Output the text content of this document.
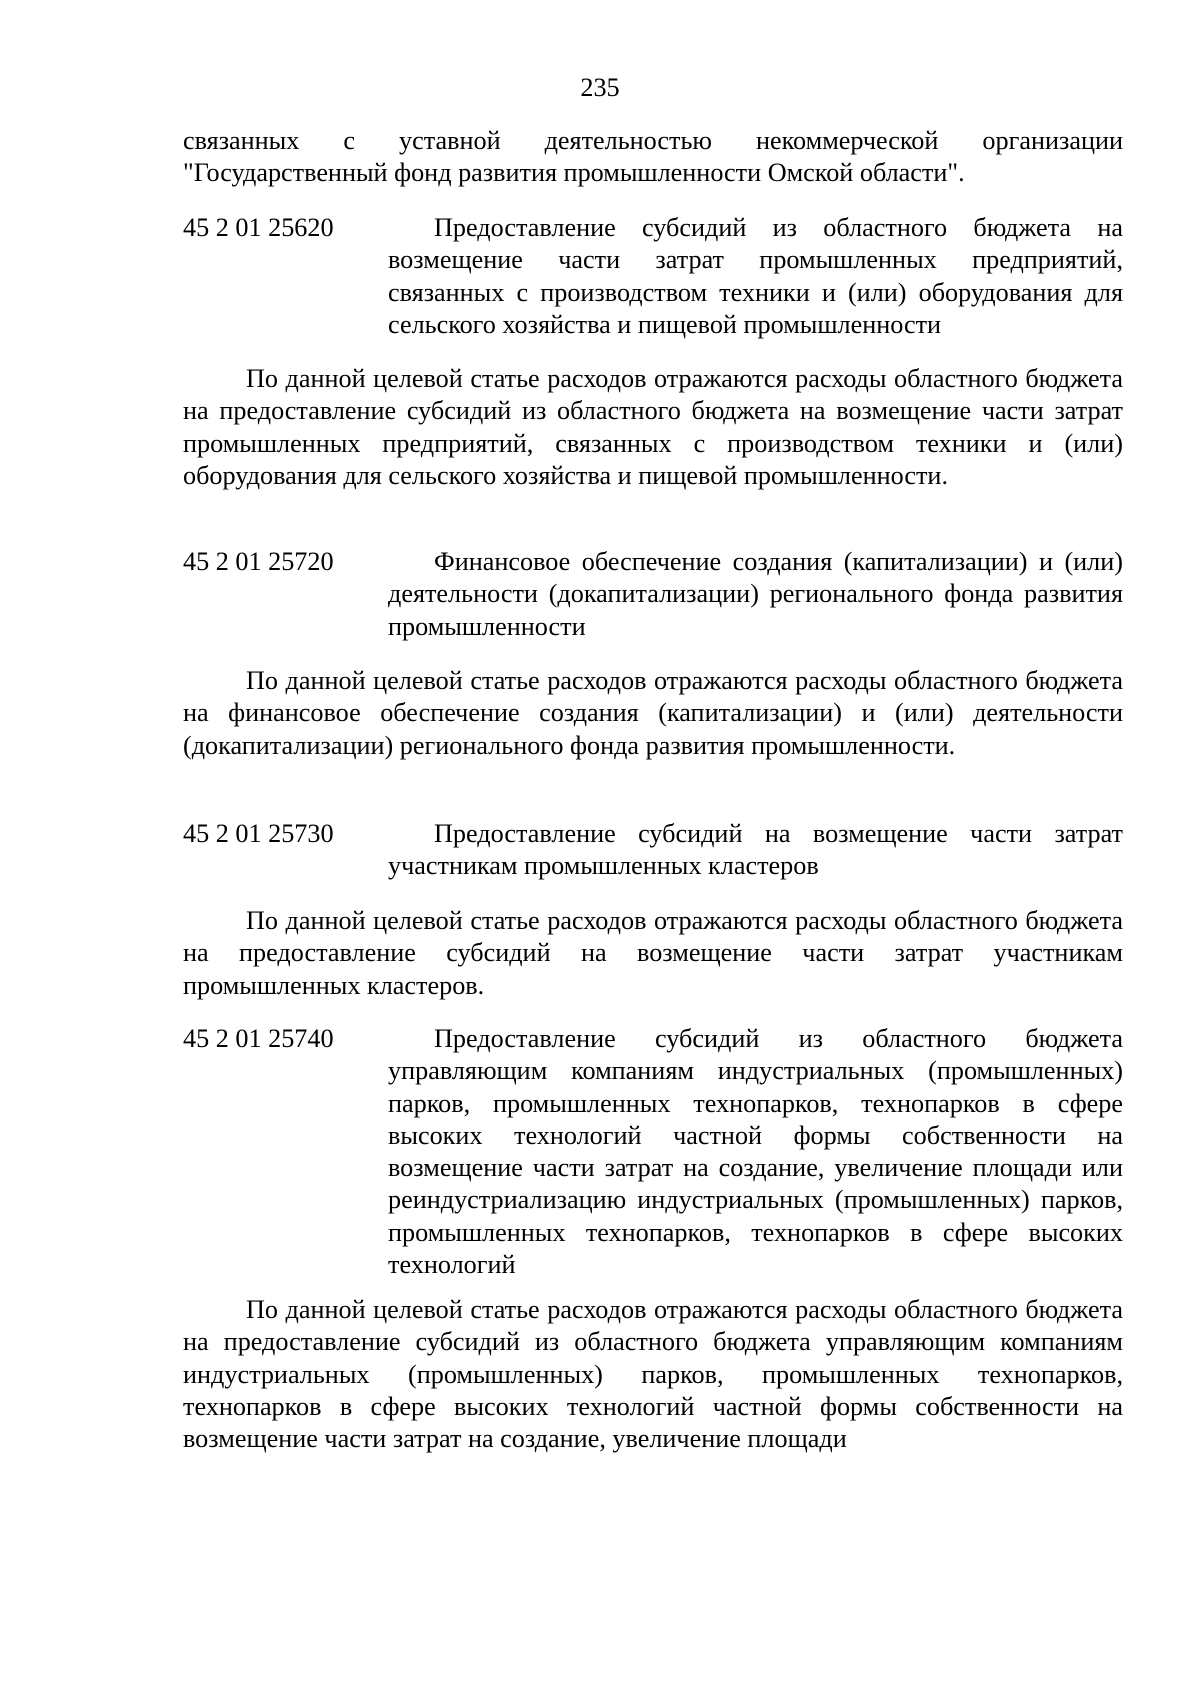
235
связанных с уставной деятельностью некоммерческой организации "Государственный фонд развития промышленности Омской области".
45 2 01 25620	Предоставление субсидий из областного бюджета на возмещение части затрат промышленных предприятий, связанных с производством техники и (или) оборудования для сельского хозяйства и пищевой промышленности
По данной целевой статье расходов отражаются расходы областного бюджета на предоставление субсидий из областного бюджета на возмещение части затрат промышленных предприятий, связанных с производством техники и (или) оборудования для сельского хозяйства и пищевой промышленности.
45 2 01 25720	Финансовое обеспечение создания (капитализации) и (или) деятельности (докапитализации) регионального фонда развития промышленности
По данной целевой статье расходов отражаются расходы областного бюджета на финансовое обеспечение создания (капитализации) и (или) деятельности (докапитализации) регионального фонда развития промышленности.
45 2 01 25730	Предоставление субсидий на возмещение части затрат участникам промышленных кластеров
По данной целевой статье расходов отражаются расходы областного бюджета на предоставление субсидий на возмещение части затрат участникам промышленных кластеров.
45 2 01 25740	Предоставление субсидий из областного бюджета управляющим компаниям индустриальных (промышленных) парков, промышленных технопарков, технопарков в сфере высоких технологий частной формы собственности на возмещение части затрат на создание, увеличение площади или реиндустриализацию индустриальных (промышленных) парков, промышленных технопарков, технопарков в сфере высоких технологий
По данной целевой статье расходов отражаются расходы областного бюджета на предоставление субсидий из областного бюджета управляющим компаниям индустриальных (промышленных) парков, промышленных технопарков, технопарков в сфере высоких технологий частной формы собственности на возмещение части затрат на создание, увеличение площади
